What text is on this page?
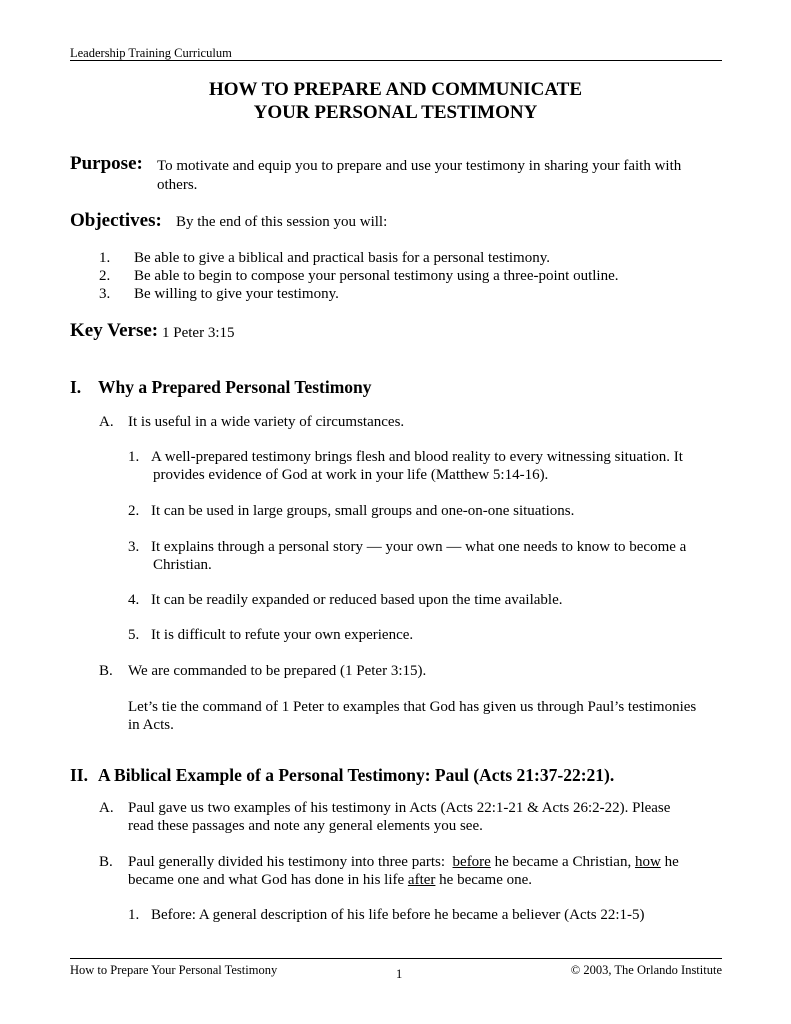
Leadership Training Curriculum
HOW TO PREPARE AND COMMUNICATE
YOUR PERSONAL TESTIMONY
Purpose: To motivate and equip you to prepare and use your testimony in sharing your faith with
others.
Objectives: By the end of this session you will:
1. Be able to give a biblical and practical basis for a personal testimony.
2. Be able to begin to compose your personal testimony using a three-point outline.
3. Be willing to give your testimony.
Key Verse: 1 Peter 3:15
I. Why a Prepared Personal Testimony
A. It is useful in a wide variety of circumstances.
1. A well-prepared testimony brings flesh and blood reality to every witnessing situation. It
provides evidence of God at work in your life (Matthew 5:14-16).
2. It can be used in large groups, small groups and one-on-one situations.
3. It explains through a personal story — your own — what one needs to know to become a
Christian.
4. It can be readily expanded or reduced based upon the time available.
5. It is difficult to refute your own experience.
B. We are commanded to be prepared (1 Peter 3:15).
Let’s tie the command of 1 Peter to examples that God has given us through Paul’s testimonies
in Acts.
II. A Biblical Example of a Personal Testimony: Paul (Acts 21:37-22:21).
A. Paul gave us two examples of his testimony in Acts (Acts 22:1-21 & Acts 26:2-22). Please
read these passages and note any general elements you see.
B. Paul generally divided his testimony into three parts:  before he became a Christian, how he
became one and what God has done in his life after he became one.
1. Before: A general description of his life before he became a believer (Acts 22:1-5)
How to Prepare Your Personal Testimony	1	© 2003, The Orlando Institute
